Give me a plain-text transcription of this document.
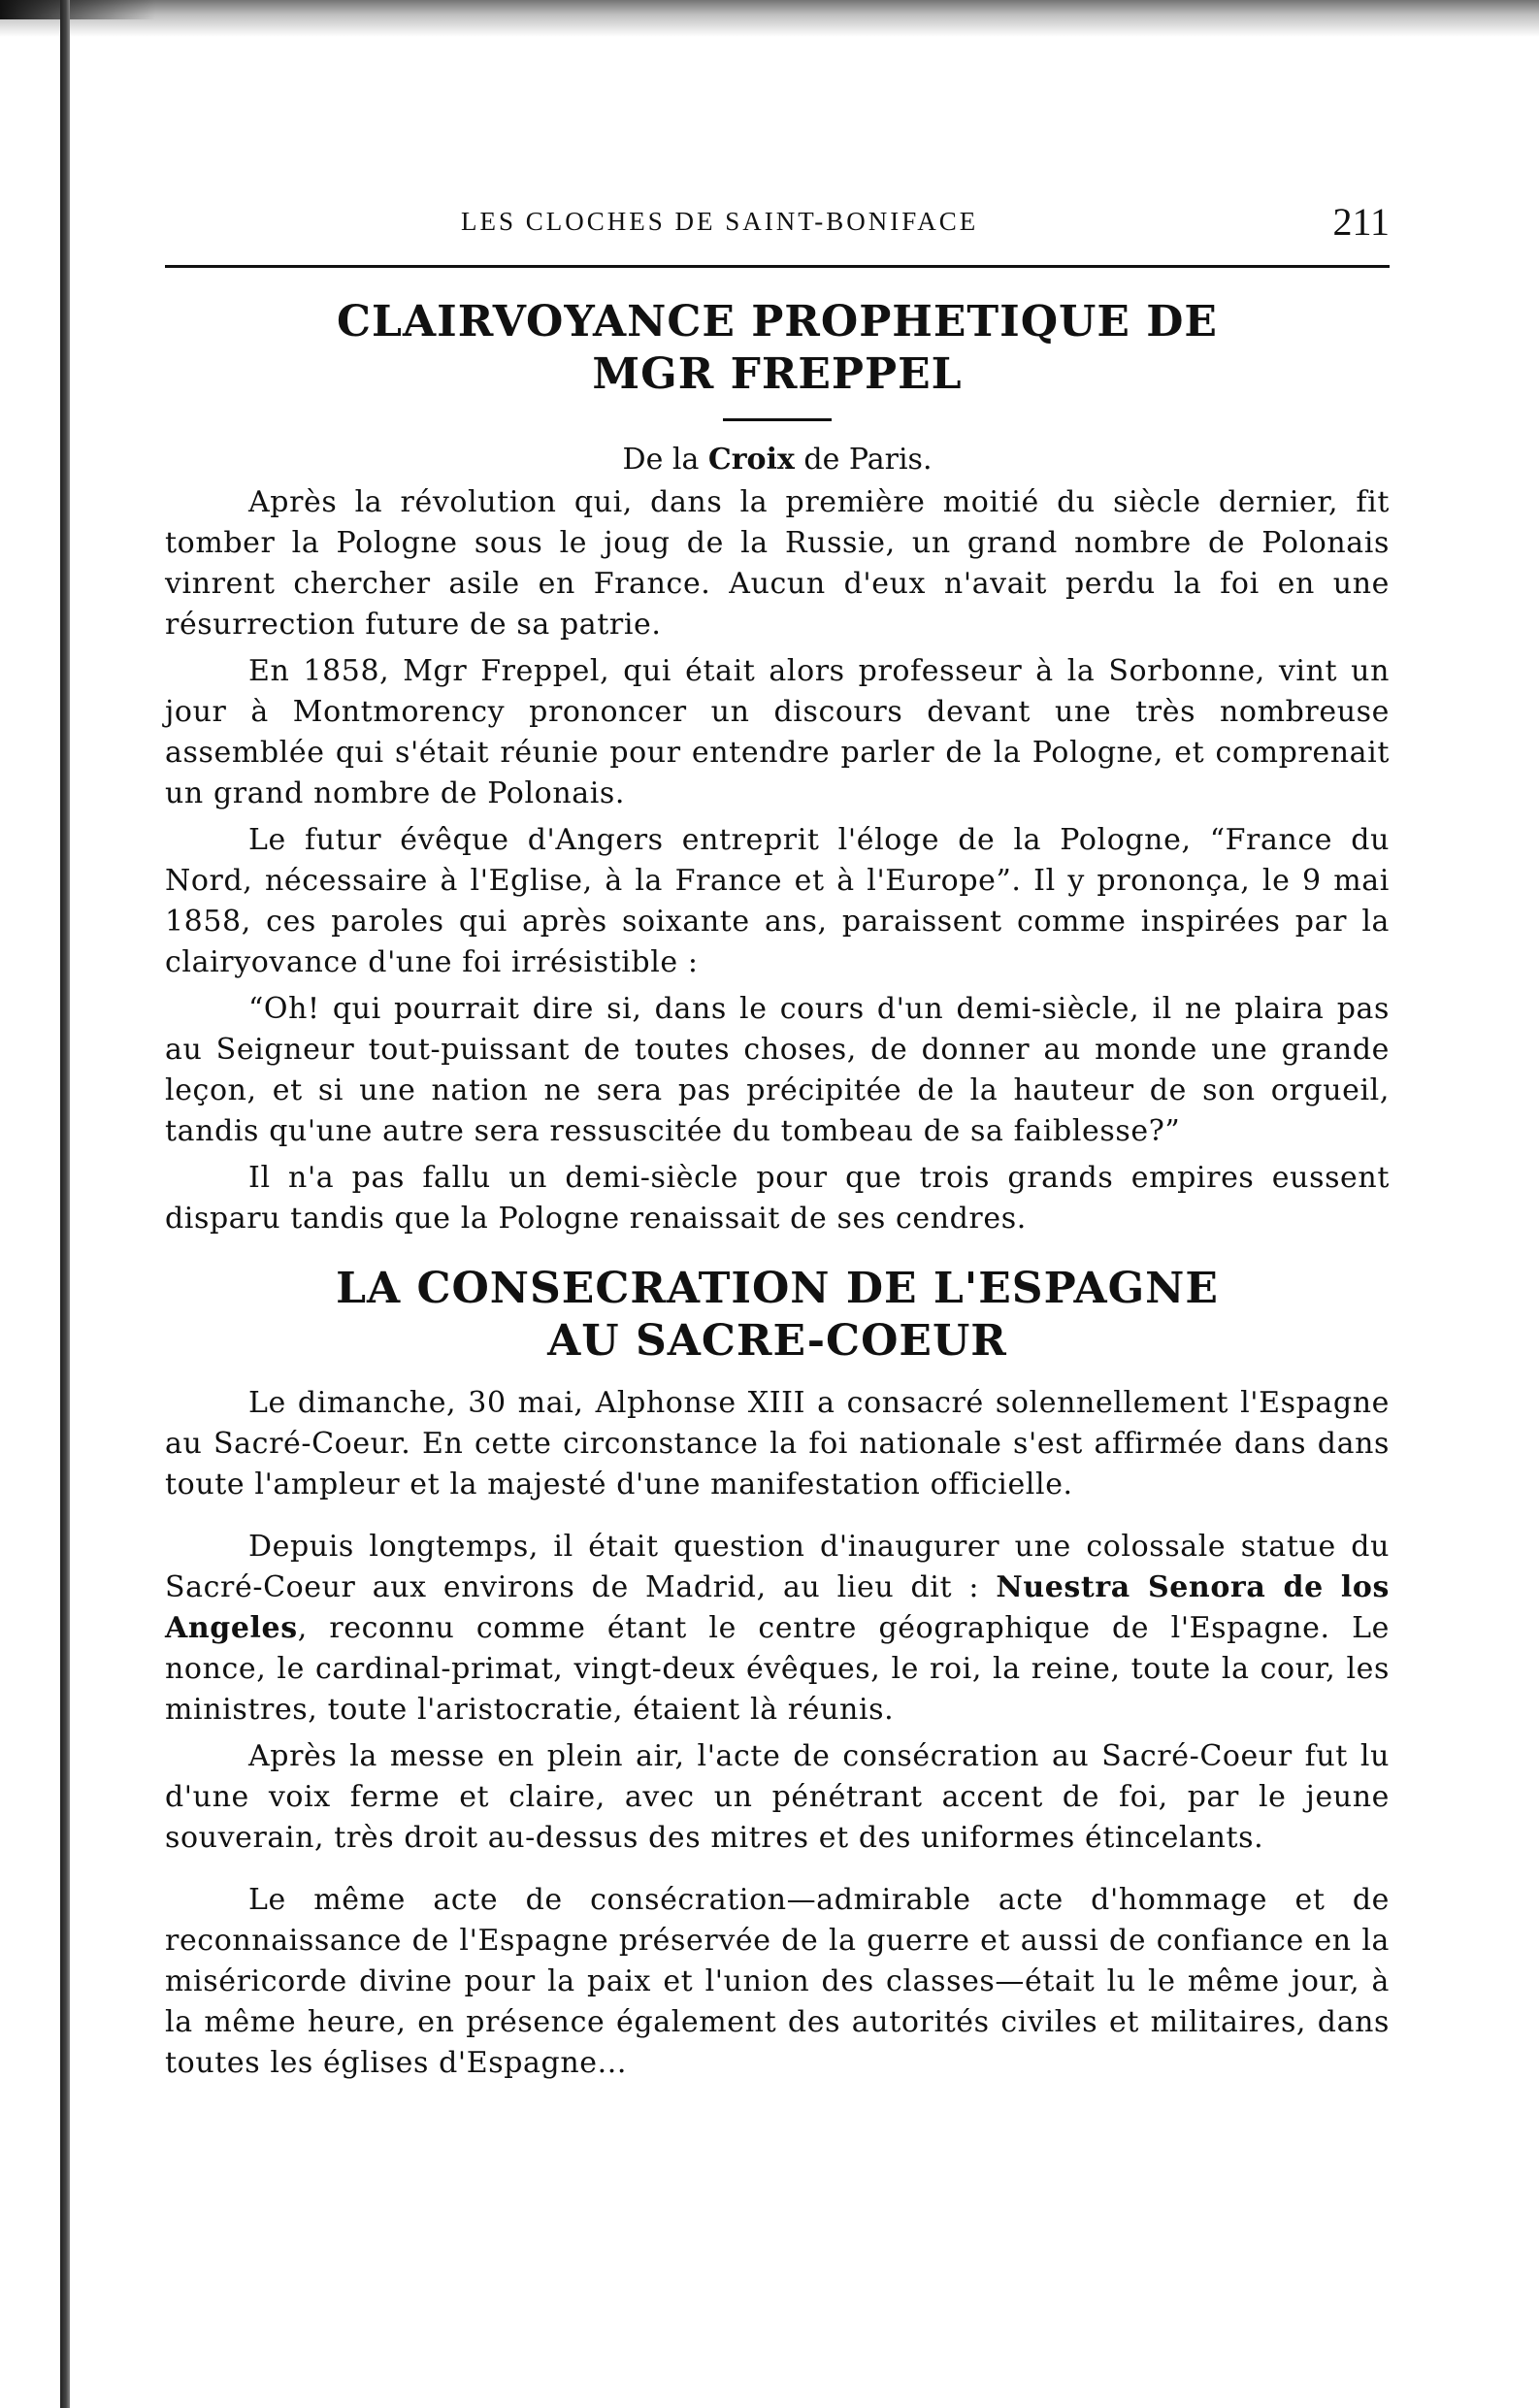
LES CLOCHES DE SAINT-BONIFACE	211
CLAIRVOYANCE PROPHETIQUE DE
MGR FREPPEL

De la Croix de Paris.

Après la révolution qui, dans la première moitié du siècle dernier, fit tomber la Pologne sous le joug de la Russie, un grand nombre de Polonais vinrent chercher asile en France. Aucun d'eux n'avait perdu la foi en une résurrection future de sa patrie.

En 1858, Mgr Freppel, qui était alors professeur à la Sorbonne, vint un jour à Montmorency prononcer un discours devant une très nombreuse assemblée qui s'était réunie pour entendre parler de la Pologne, et comprenait un grand nombre de Polonais.

Le futur évêque d'Angers entreprit l'éloge de la Pologne, “France du Nord, nécessaire à l'Eglise, à la France et à l'Europe”. Il y prononça, le 9 mai 1858, ces paroles qui après soixante ans, paraissent comme inspirées par la clairyovance d'une foi irrésistible :

“Oh! qui pourrait dire si, dans le cours d'un demi-siècle, il ne plaira pas au Seigneur tout-puissant de toutes choses, de donner au monde une grande leçon, et si une nation ne sera pas précipitée de la hauteur de son orgueil, tandis qu'une autre sera ressuscitée du tombeau de sa faiblesse?”

Il n'a pas fallu un demi-siècle pour que trois grands empires eussent disparu tandis que la Pologne renaissait de ses cendres.

LA CONSECRATION DE L'ESPAGNE
AU SACRE-COEUR

Le dimanche, 30 mai, Alphonse XIII a consacré solennellement l'Espagne au Sacré-Coeur. En cette circonstance la foi nationale s'est affirmée dans dans toute l'ampleur et la majesté d'une manifestation officielle.

Depuis longtemps, il était question d'inaugurer une colossale statue du Sacré-Coeur aux environs de Madrid, au lieu dit : Nuestra Senora de los Angeles, reconnu comme étant le centre géographique de l'Espagne. Le nonce, le cardinal-primat, vingt-deux évêques, le roi, la reine, toute la cour, les ministres, toute l'aristocratie, étaient là réunis.

Après la messe en plein air, l'acte de consécration au Sacré-Coeur fut lu d'une voix ferme et claire, avec un pénétrant accent de foi, par le jeune souverain, très droit au-dessus des mitres et des uniformes étincelants.

Le même acte de consécration—admirable acte d'hommage et de reconnaissance de l'Espagne préservée de la guerre et aussi de confiance en la miséricorde divine pour la paix et l'union des classes—était lu le même jour, à la même heure, en présence également des autorités civiles et militaires, dans toutes les églises d'Espagne...
